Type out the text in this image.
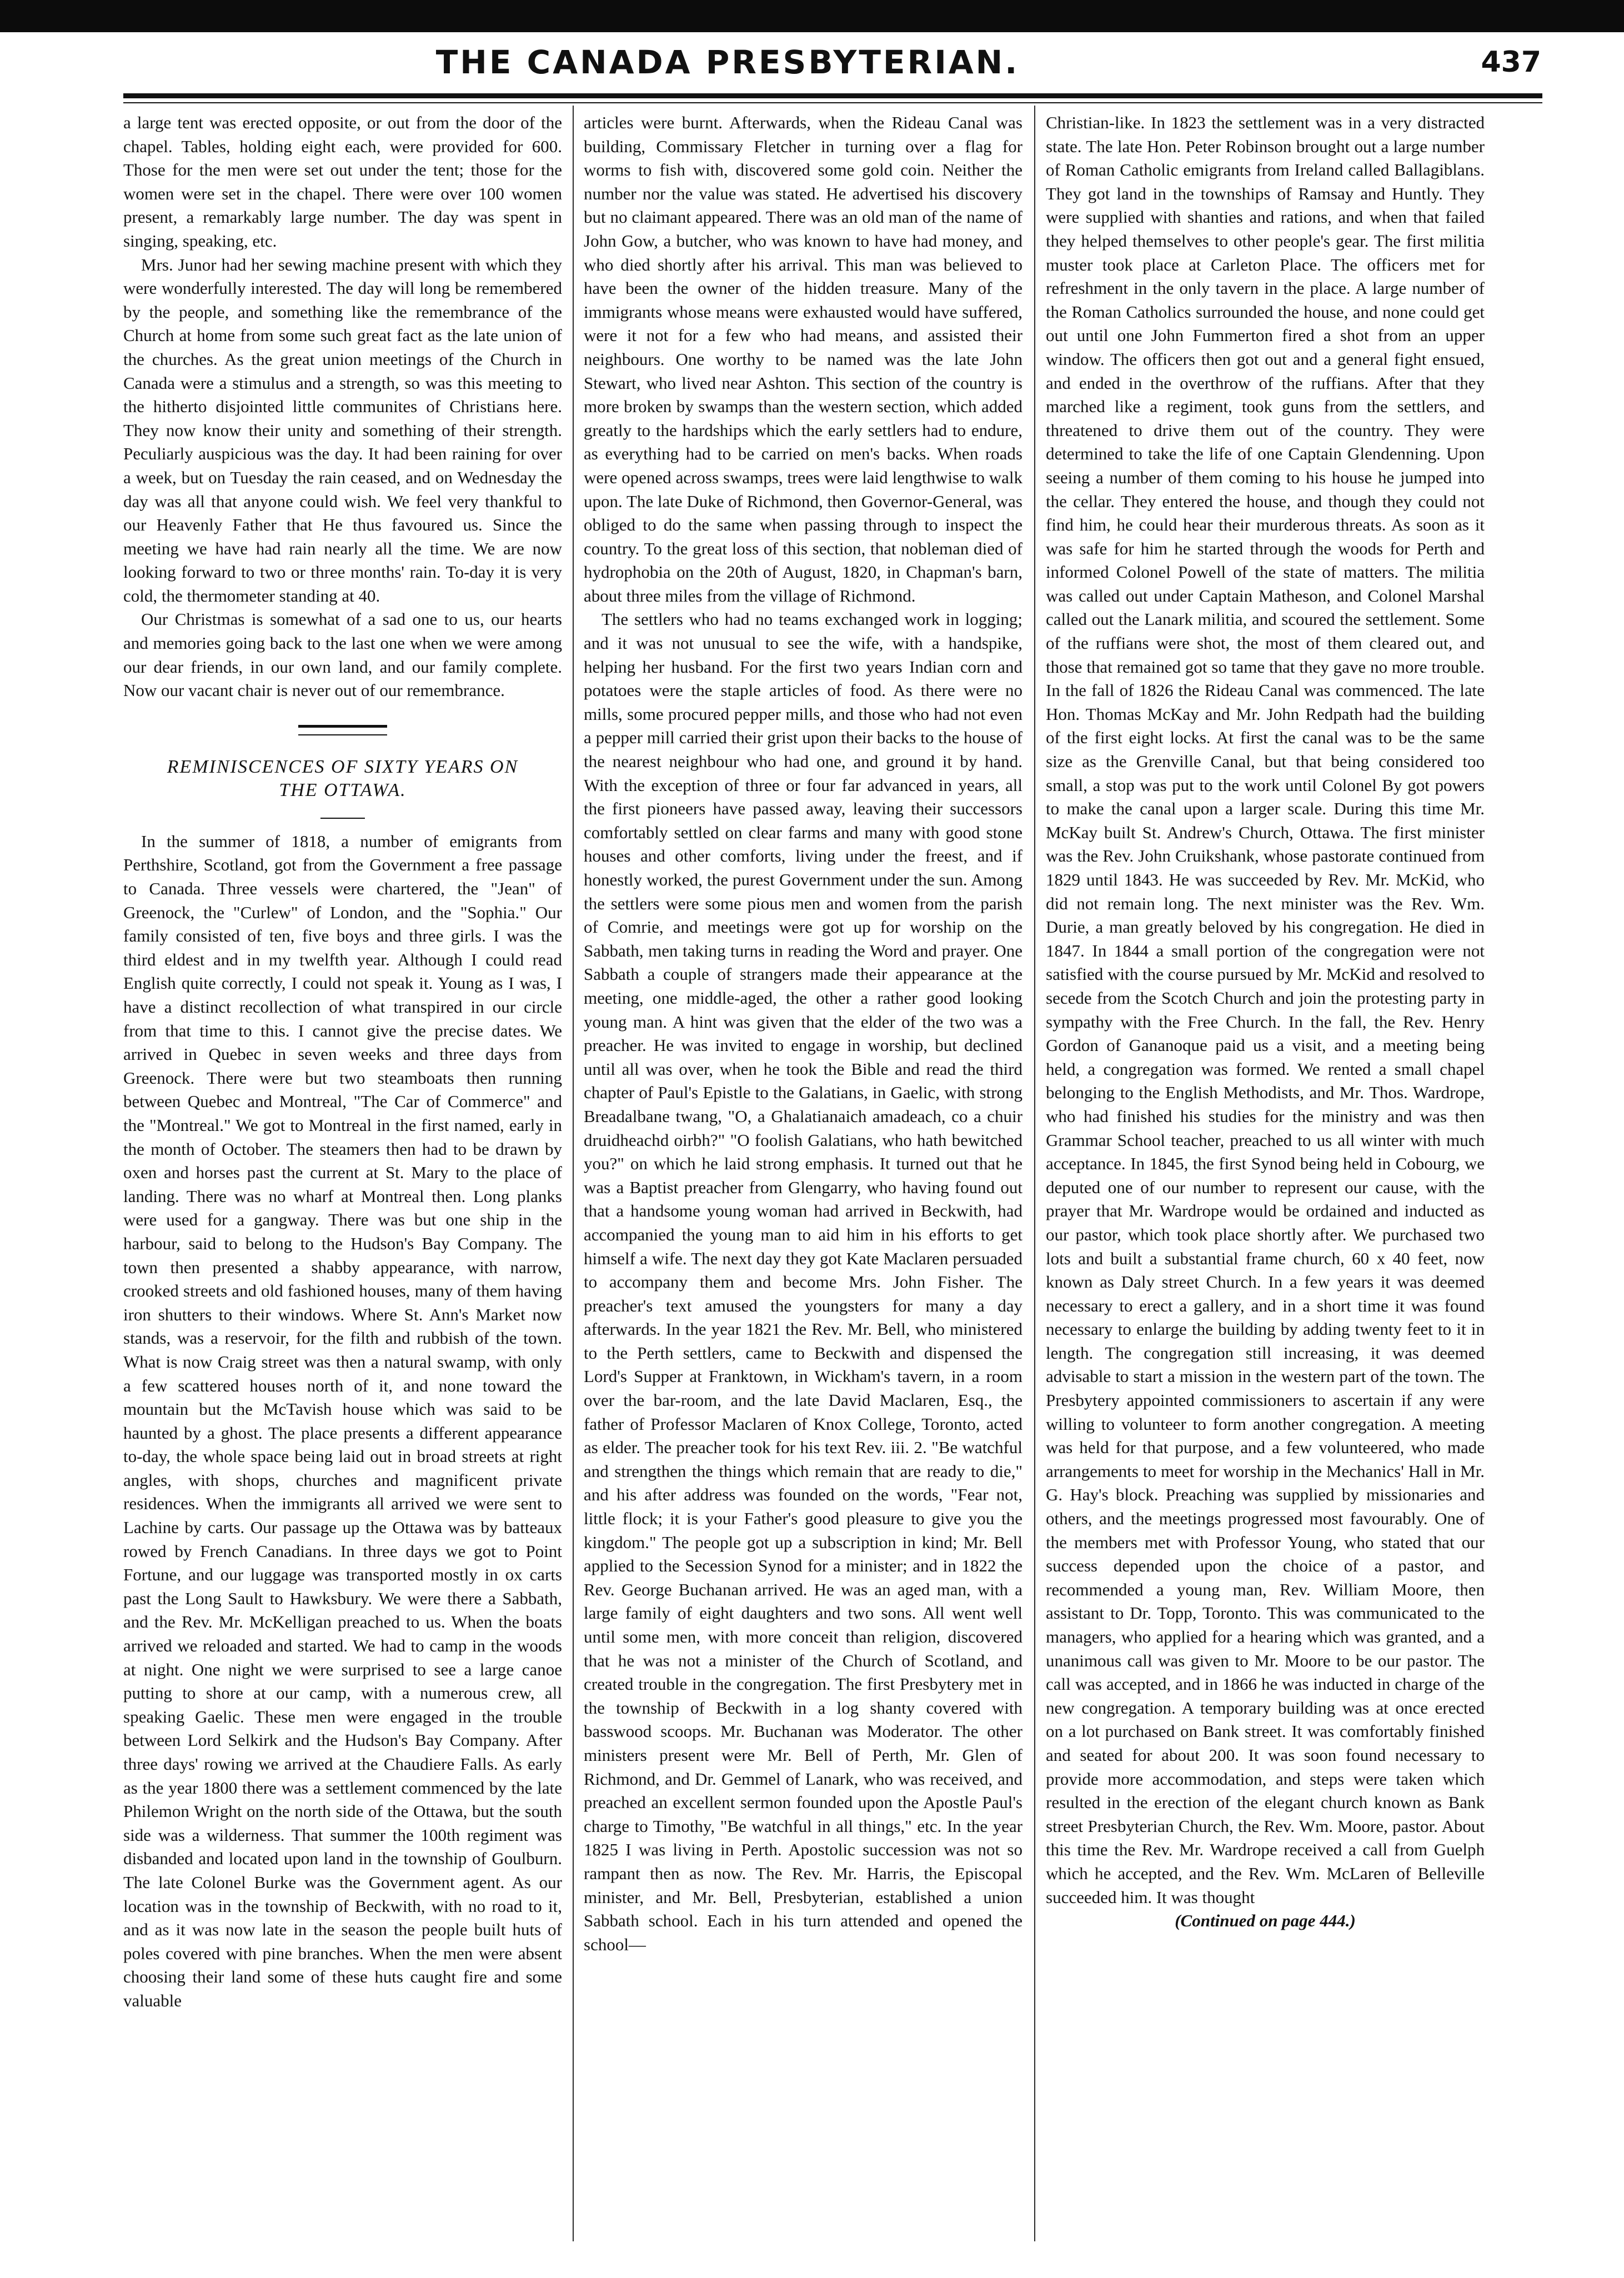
THE CANADA PRESBYTERIAN.	437

a large tent was erected opposite, or out from the door of the chapel. Tables, holding eight each, were provided for 600. Those for the men were set out under the tent; those for the women were set in the chapel. There were over 100 women present, a remarkably large number. The day was spent in singing, speaking, etc.

Mrs. Junor had her sewing machine present with which they were wonderfully interested. The day will long be remembered by the people, and something like the remembrance of the Church at home from some such great fact as the late union of the churches. As the great union meetings of the Church in Canada were a stimulus and a strength, so was this meeting to the hitherto disjointed little communites of Christians here. They now know their unity and something of their strength. Peculiarly auspicious was the day. It had been raining for over a week, but on Tuesday the rain ceased, and on Wednesday the day was all that anyone could wish. We feel very thankful to our Heavenly Father that He thus favoured us. Since the meeting we have had rain nearly all the time. We are now looking forward to two or three months' rain. To-day it is very cold, the thermometer standing at 40.

Our Christmas is somewhat of a sad one to us, our hearts and memories going back to the last one when we were among our dear friends, in our own land, and our family complete. Now our vacant chair is never out of our remembrance.

REMINISCENCES OF SIXTY YEARS ON
THE OTTAWA.

In the summer of 1818, a number of emigrants from Perthshire, Scotland, got from the Government a free passage to Canada. Three vessels were chartered, the "Jean" of Greenock, the "Curlew" of London, and the "Sophia." Our family consisted of ten, five boys and three girls. I was the third eldest and in my twelfth year. Although I could read English quite correctly, I could not speak it. Young as I was, I have a distinct recollection of what transpired in our circle from that time to this. I cannot give the precise dates. We arrived in Quebec in seven weeks and three days from Greenock. There were but two steamboats then running between Quebec and Montreal, "The Car of Commerce" and the "Montreal." We got to Montreal in the first named, early in the month of October. The steamers then had to be drawn by oxen and horses past the current at St. Mary to the place of landing. There was no wharf at Montreal then. Long planks were used for a gangway. There was but one ship in the harbour, said to belong to the Hudson's Bay Company. The town then presented a shabby appearance, with narrow, crooked streets and old fashioned houses, many of them having iron shutters to their windows. Where St. Ann's Market now stands, was a reservoir, for the filth and rubbish of the town. What is now Craig street was then a natural swamp, with only a few scattered houses north of it, and none toward the mountain but the McTavish house which was said to be haunted by a ghost. The place presents a different appearance to-day, the whole space being laid out in broad streets at right angles, with shops, churches and magnificent private residences. When the immigrants all arrived we were sent to Lachine by carts. Our passage up the Ottawa was by batteaux rowed by French Canadians. In three days we got to Point Fortune, and our luggage was transported mostly in ox carts past the Long Sault to Hawksbury. We were there a Sabbath, and the Rev. Mr. McKelligan preached to us. When the boats arrived we reloaded and started. We had to camp in the woods at night. One night we were surprised to see a large canoe putting to shore at our camp, with a numerous crew, all speaking Gaelic. These men were engaged in the trouble between Lord Selkirk and the Hudson's Bay Company. After three days' rowing we arrived at the Chaudiere Falls. As early as the year 1800 there was a settlement commenced by the late Philemon Wright on the north side of the Ottawa, but the south side was a wilderness. That summer the 100th regiment was disbanded and located upon land in the township of Goulburn. The late Colonel Burke was the Government agent. As our location was in the township of Beckwith, with no road to it, and as it was now late in the season the people built huts of poles covered with pine branches. When the men were absent choosing their land some of these huts caught fire and some valuable

articles were burnt. Afterwards, when the Rideau Canal was building, Commissary Fletcher in turning over a flag for worms to fish with, discovered some gold coin. Neither the number nor the value was stated. He advertised his discovery but no claimant appeared. There was an old man of the name of John Gow, a butcher, who was known to have had money, and who died shortly after his arrival. This man was believed to have been the owner of the hidden treasure. Many of the immigrants whose means were exhausted would have suffered, were it not for a few who had means, and assisted their neighbours. One worthy to be named was the late John Stewart, who lived near Ashton. This section of the country is more broken by swamps than the western section, which added greatly to the hardships which the early settlers had to endure, as everything had to be carried on men's backs. When roads were opened across swamps, trees were laid lengthwise to walk upon. The late Duke of Richmond, then Governor-General, was obliged to do the same when passing through to inspect the country. To the great loss of this section, that nobleman died of hydrophobia on the 20th of August, 1820, in Chapman's barn, about three miles from the village of Richmond.

The settlers who had no teams exchanged work in logging; and it was not unusual to see the wife, with a handspike, helping her husband. For the first two years Indian corn and potatoes were the staple articles of food. As there were no mills, some procured pepper mills, and those who had not even a pepper mill carried their grist upon their backs to the house of the nearest neighbour who had one, and ground it by hand. With the exception of three or four far advanced in years, all the first pioneers have passed away, leaving their successors comfortably settled on clear farms and many with good stone houses and other comforts, living under the freest, and if honestly worked, the purest Government under the sun. Among the settlers were some pious men and women from the parish of Comrie, and meetings were got up for worship on the Sabbath, men taking turns in reading the Word and prayer. One Sabbath a couple of strangers made their appearance at the meeting, one middle-aged, the other a rather good looking young man. A hint was given that the elder of the two was a preacher. He was invited to engage in worship, but declined until all was over, when he took the Bible and read the third chapter of Paul's Epistle to the Galatians, in Gaelic, with strong Breadalbane twang, "O, a Ghalatianaich amadeach, co a chuir druidheachd oirbh?" "O foolish Galatians, who hath bewitched you?" on which he laid strong emphasis. It turned out that he was a Baptist preacher from Glengarry, who having found out that a handsome young woman had arrived in Beckwith, had accompanied the young man to aid him in his efforts to get himself a wife. The next day they got Kate Maclaren persuaded to accompany them and become Mrs. John Fisher. The preacher's text amused the youngsters for many a day afterwards. In the year 1821 the Rev. Mr. Bell, who ministered to the Perth settlers, came to Beckwith and dispensed the Lord's Supper at Franktown, in Wickham's tavern, in a room over the bar-room, and the late David Maclaren, Esq., the father of Professor Maclaren of Knox College, Toronto, acted as elder. The preacher took for his text Rev. iii. 2. "Be watchful and strengthen the things which remain that are ready to die," and his after address was founded on the words, "Fear not, little flock; it is your Father's good pleasure to give you the kingdom." The people got up a subscription in kind; Mr. Bell applied to the Secession Synod for a minister; and in 1822 the Rev. George Buchanan arrived. He was an aged man, with a large family of eight daughters and two sons. All went well until some men, with more conceit than religion, discovered that he was not a minister of the Church of Scotland, and created trouble in the congregation. The first Presbytery met in the township of Beckwith in a log shanty covered with basswood scoops. Mr. Buchanan was Moderator. The other ministers present were Mr. Bell of Perth, Mr. Glen of Richmond, and Dr. Gemmel of Lanark, who was received, and preached an excellent sermon founded upon the Apostle Paul's charge to Timothy, "Be watchful in all things," etc. In the year 1825 I was living in Perth. Apostolic succession was not so rampant then as now. The Rev. Mr. Harris, the Episcopal minister, and Mr. Bell, Presbyterian, established a union Sabbath school. Each in his turn attended and opened the school—

Christian-like. In 1823 the settlement was in a very distracted state. The late Hon. Peter Robinson brought out a large number of Roman Catholic emigrants from Ireland called Ballagiblans. They got land in the townships of Ramsay and Huntly. They were supplied with shanties and rations, and when that failed they helped themselves to other people's gear. The first militia muster took place at Carleton Place. The officers met for refreshment in the only tavern in the place. A large number of the Roman Catholics surrounded the house, and none could get out until one John Fummerton fired a shot from an upper window. The officers then got out and a general fight ensued, and ended in the overthrow of the ruffians. After that they marched like a regiment, took guns from the settlers, and threatened to drive them out of the country. They were determined to take the life of one Captain Glendenning. Upon seeing a number of them coming to his house he jumped into the cellar. They entered the house, and though they could not find him, he could hear their murderous threats. As soon as it was safe for him he started through the woods for Perth and informed Colonel Powell of the state of matters. The militia was called out under Captain Matheson, and Colonel Marshal called out the Lanark militia, and scoured the settlement. Some of the ruffians were shot, the most of them cleared out, and those that remained got so tame that they gave no more trouble. In the fall of 1826 the Rideau Canal was commenced. The late Hon. Thomas McKay and Mr. John Redpath had the building of the first eight locks. At first the canal was to be the same size as the Grenville Canal, but that being considered too small, a stop was put to the work until Colonel By got powers to make the canal upon a larger scale. During this time Mr. McKay built St. Andrew's Church, Ottawa. The first minister was the Rev. John Cruikshank, whose pastorate continued from 1829 until 1843. He was succeeded by Rev. Mr. McKid, who did not remain long. The next minister was the Rev. Wm. Durie, a man greatly beloved by his congregation. He died in 1847. In 1844 a small portion of the congregation were not satisfied with the course pursued by Mr. McKid and resolved to secede from the Scotch Church and join the protesting party in sympathy with the Free Church. In the fall, the Rev. Henry Gordon of Gananoque paid us a visit, and a meeting being held, a congregation was formed. We rented a small chapel belonging to the English Methodists, and Mr. Thos. Wardrope, who had finished his studies for the ministry and was then Grammar School teacher, preached to us all winter with much acceptance. In 1845, the first Synod being held in Cobourg, we deputed one of our number to represent our cause, with the prayer that Mr. Wardrope would be ordained and inducted as our pastor, which took place shortly after. We purchased two lots and built a substantial frame church, 60 x 40 feet, now known as Daly street Church. In a few years it was deemed necessary to erect a gallery, and in a short time it was found necessary to enlarge the building by adding twenty feet to it in length. The congregation still increasing, it was deemed advisable to start a mission in the western part of the town. The Presbytery appointed commissioners to ascertain if any were willing to volunteer to form another congregation. A meeting was held for that purpose, and a few volunteered, who made arrangements to meet for worship in the Mechanics' Hall in Mr. G. Hay's block. Preaching was supplied by missionaries and others, and the meetings progressed most favourably. One of the members met with Professor Young, who stated that our success depended upon the choice of a pastor, and recommended a young man, Rev. William Moore, then assistant to Dr. Topp, Toronto. This was communicated to the managers, who applied for a hearing which was granted, and a unanimous call was given to Mr. Moore to be our pastor. The call was accepted, and in 1866 he was inducted in charge of the new congregation. A temporary building was at once erected on a lot purchased on Bank street. It was comfortably finished and seated for about 200. It was soon found necessary to provide more accommodation, and steps were taken which resulted in the erection of the elegant church known as Bank street Presbyterian Church, the Rev. Wm. Moore, pastor. About this time the Rev. Mr. Wardrope received a call from Guelph which he accepted, and the Rev. Wm. McLaren of Belleville succeeded him. It was thought

(Continued on page 444.)
